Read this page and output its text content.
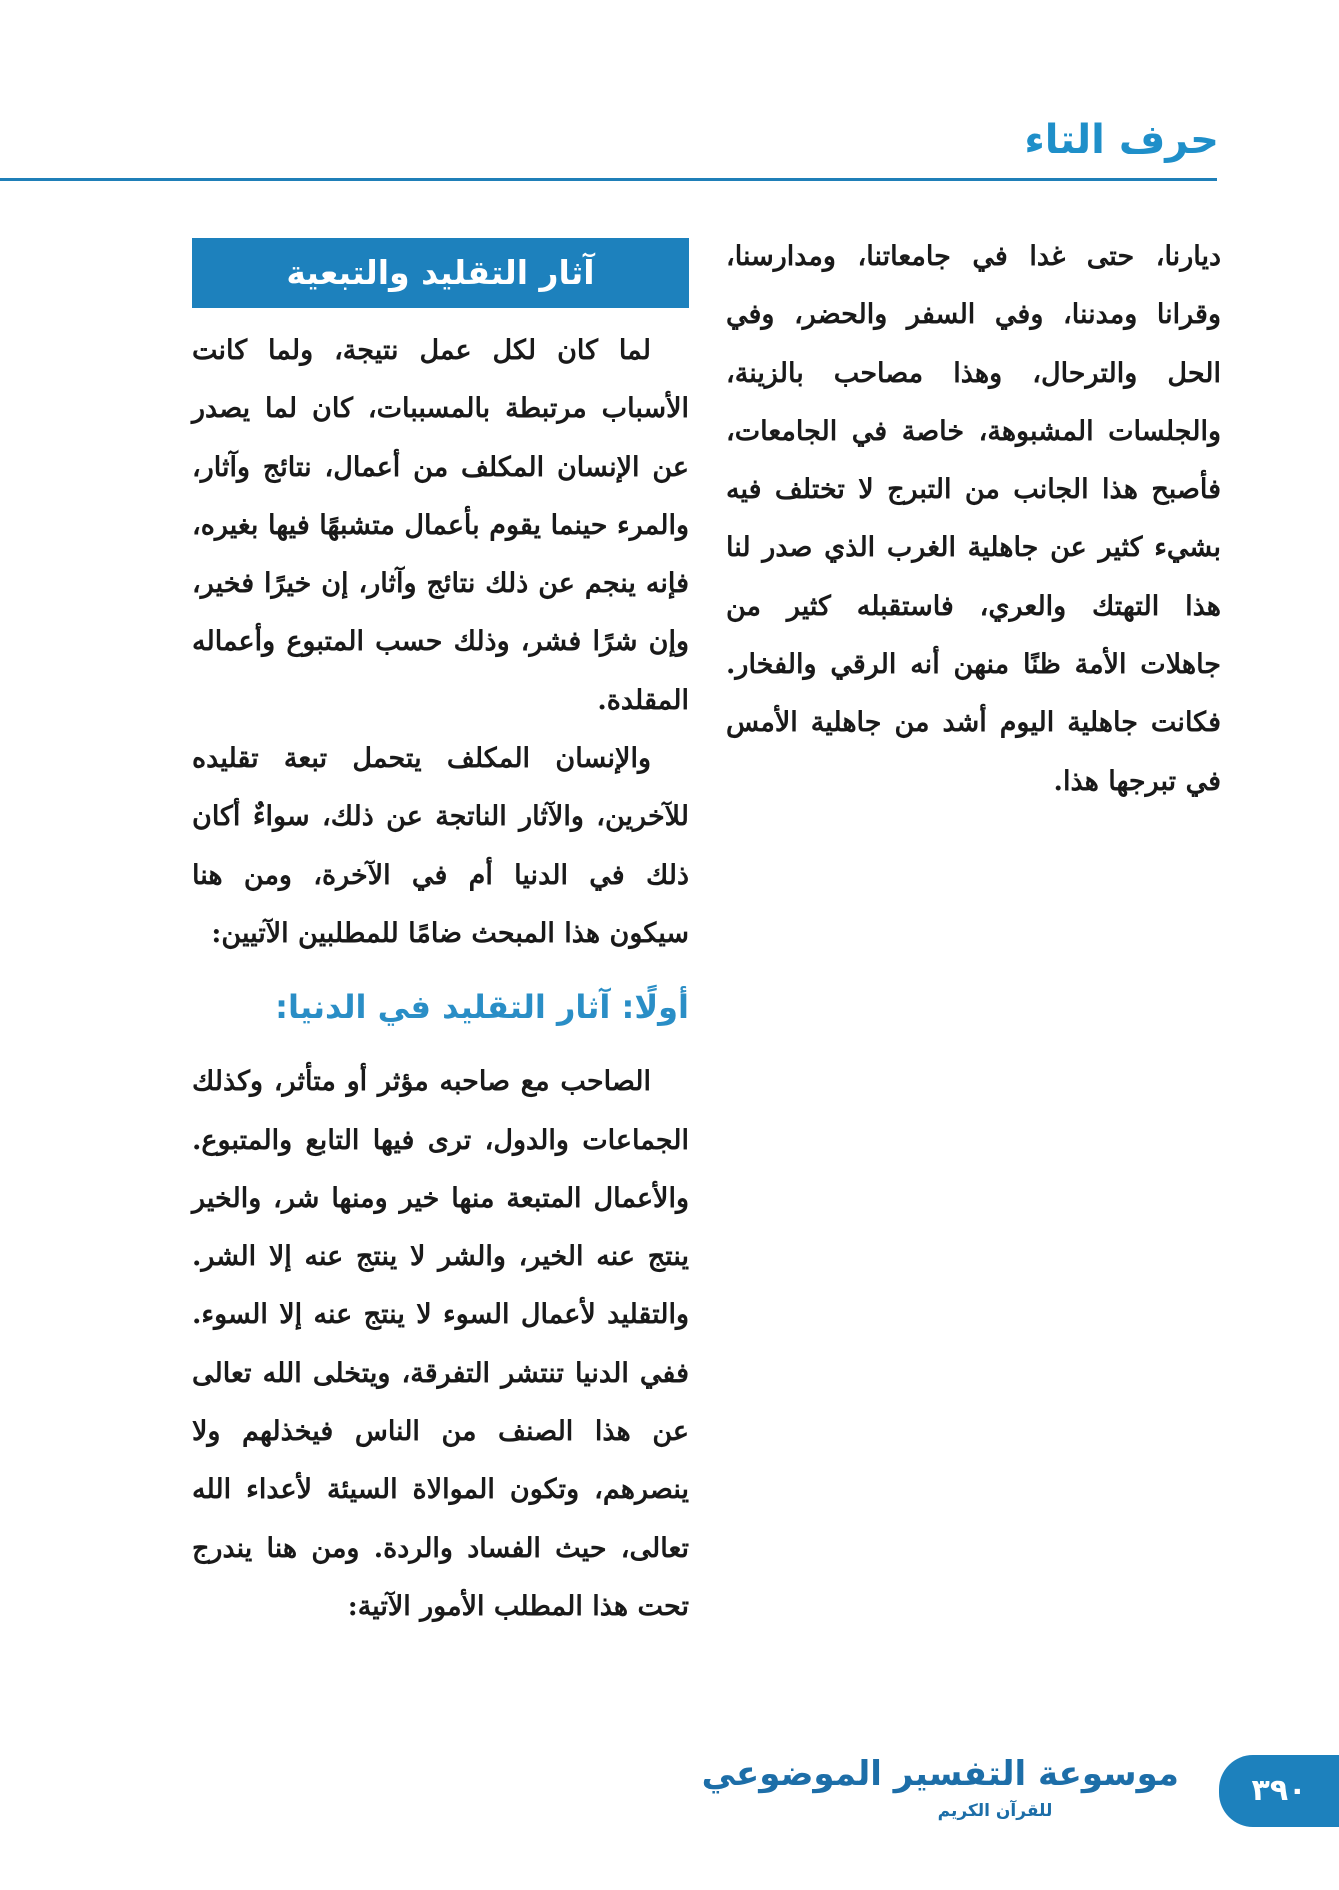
حرف التاء

ديارنا، حتى غدا في جامعاتنا، ومدارسنا، وقرانا ومدننا، وفي السفر والحضر، وفي الحل والترحال، وهذا مصاحب بالزينة، والجلسات المشبوهة، خاصة في الجامعات، فأصبح هذا الجانب من التبرج لا تختلف فيه بشيء كثير عن جاهلية الغرب الذي صدر لنا هذا التهتك والعري، فاستقبله كثير من جاهلات الأمة ظنًا منهن أنه الرقي والفخار. فكانت جاهلية اليوم أشد من جاهلية الأمس في تبرجها هذا.

آثار التقليد والتبعية

لما كان لكل عمل نتيجة، ولما كانت الأسباب مرتبطة بالمسببات، كان لما يصدر عن الإنسان المكلف من أعمال، نتائج وآثار، والمرء حينما يقوم بأعمال متشبهًا فيها بغيره، فإنه ينجم عن ذلك نتائج وآثار، إن خيرًا فخير، وإن شرًا فشر، وذلك حسب المتبوع وأعماله المقلدة.

والإنسان المكلف يتحمل تبعة تقليده للآخرين، والآثار الناتجة عن ذلك، سواءٌ أكان ذلك في الدنيا أم في الآخرة، ومن هنا سيكون هذا المبحث ضامًا للمطلبين الآتيين:

أولًا: آثار التقليد في الدنيا:

الصاحب مع صاحبه مؤثر أو متأثر، وكذلك الجماعات والدول، ترى فيها التابع والمتبوع. والأعمال المتبعة منها خير ومنها شر، والخير ينتج عنه الخير، والشر لا ينتج عنه إلا الشر. والتقليد لأعمال السوء لا ينتج عنه إلا السوء. ففي الدنيا تنتشر التفرقة، ويتخلى الله تعالى عن هذا الصنف من الناس فيخذلهم ولا ينصرهم، وتكون الموالاة السيئة لأعداء الله تعالى، حيث الفساد والردة. ومن هنا يندرج تحت هذا المطلب الأمور الآتية:

موسوعة التفسير الموضوعي
للقرآن الكريم
٣٩٠
